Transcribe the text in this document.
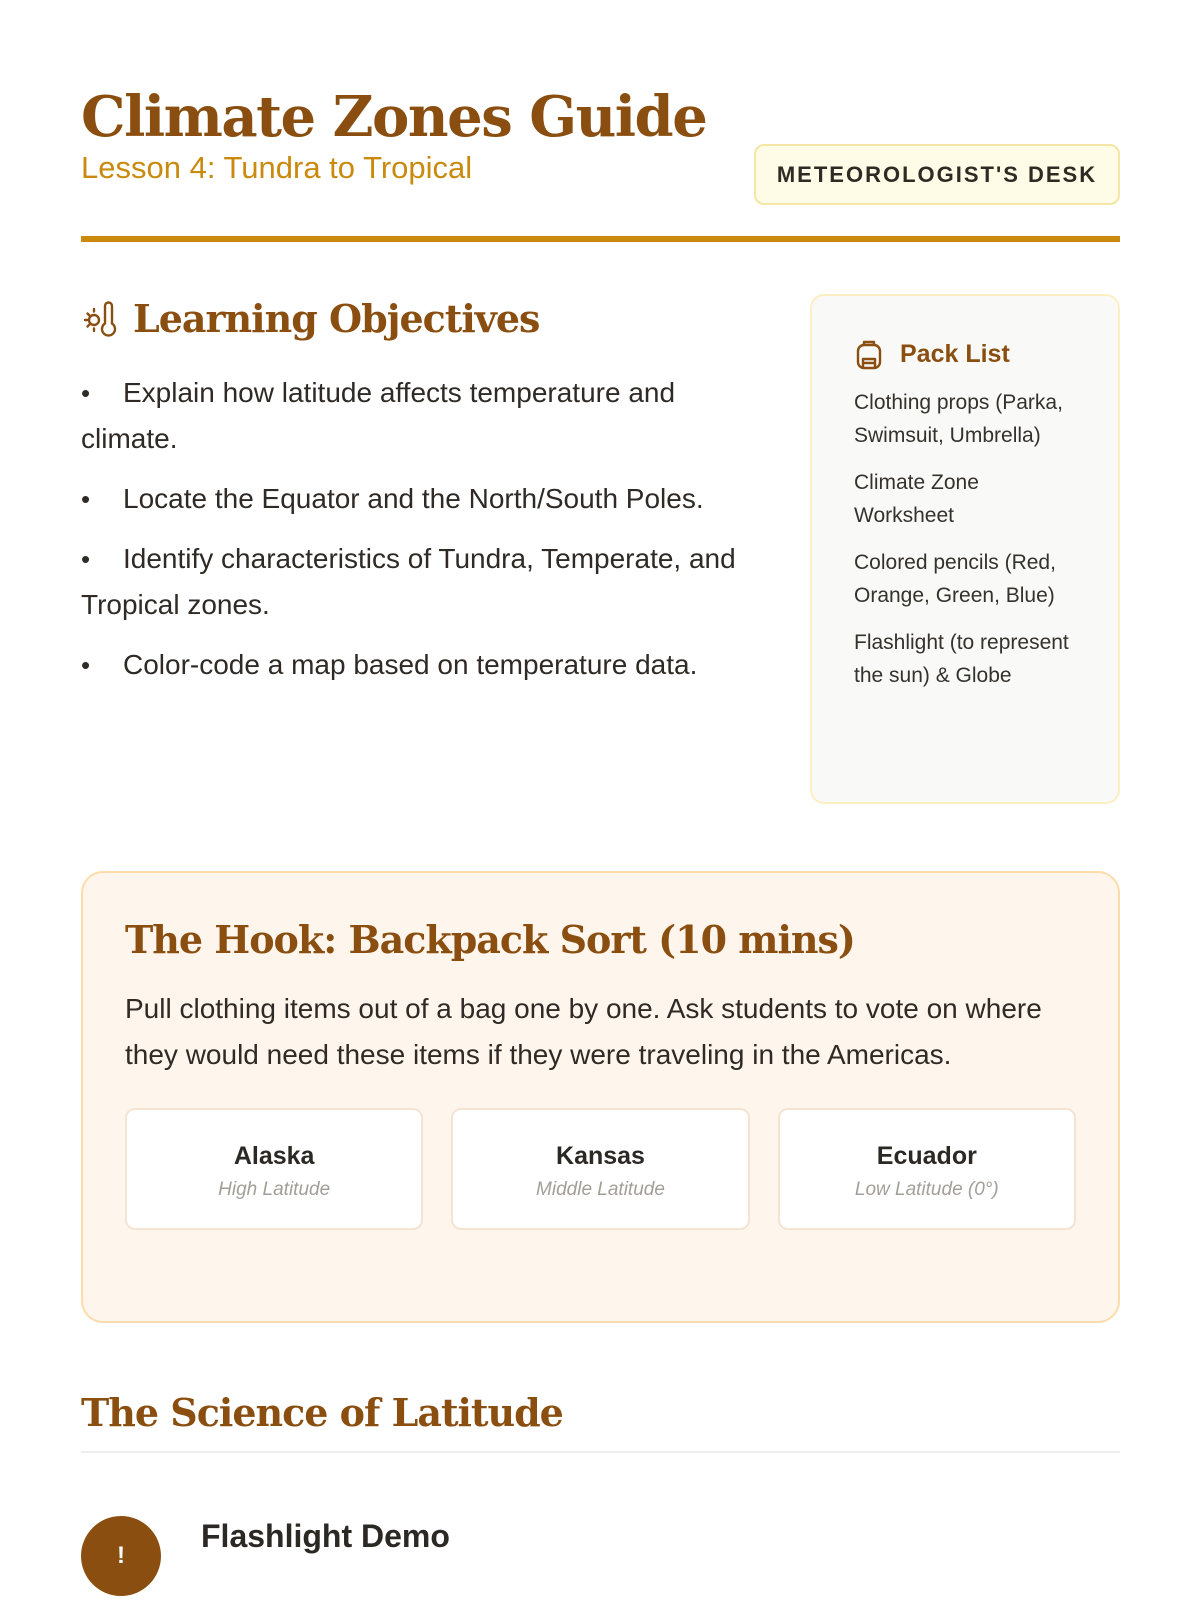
Climate Zones Guide
Lesson 4: Tundra to Tropical	METEOROLOGIST'S DESK
Learning Objectives
• Explain how latitude affects temperature and climate.
• Locate the Equator and the North/South Poles.
• Identify characteristics of Tundra, Temperate, and Tropical zones.
• Color-code a map based on temperature data.
Pack List
Clothing props (Parka, Swimsuit, Umbrella)
Climate Zone Worksheet
Colored pencils (Red, Orange, Green, Blue)
Flashlight (to represent the sun) & Globe
The Hook: Backpack Sort (10 mins)

Pull clothing items out of a bag one by one. Ask students to vote on where they would need these items if they were traveling in the Americas.

Alaska
High Latitude
Kansas
Middle Latitude
Ecuador
Low Latitude (0°)
The Science of Latitude
!
Flashlight Demo
